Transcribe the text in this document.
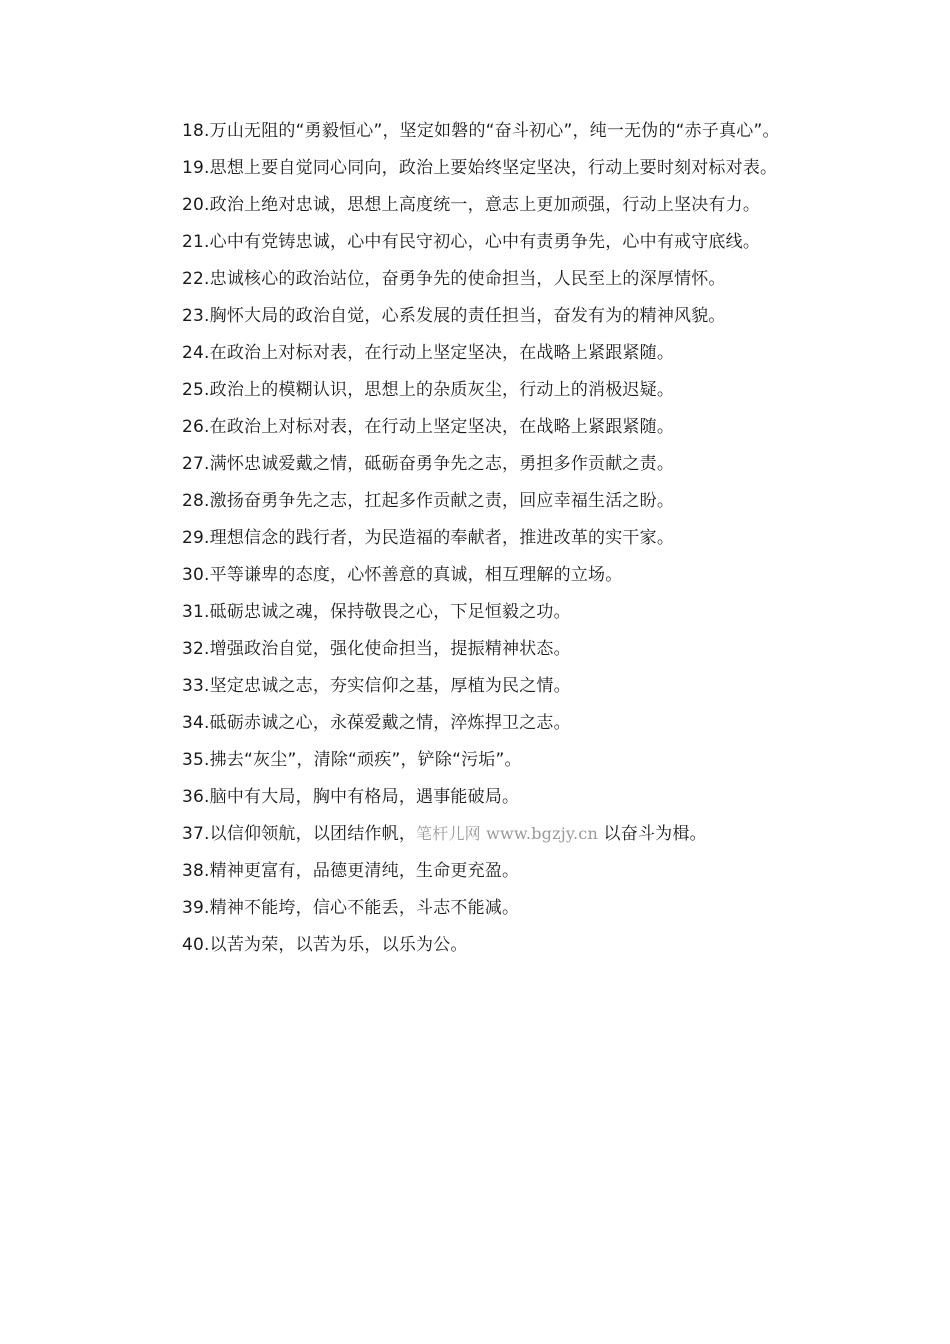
18.万山无阻的“勇毅恒心”，坚定如磐的“奋斗初心”，纯一无伪的“赤子真心”。

19.思想上要自觉同心同向，政治上要始终坚定坚决，行动上要时刻对标对表。

20.政治上绝对忠诚，思想上高度统一，意志上更加顽强，行动上坚决有力。

21.心中有党铸忠诚，心中有民守初心，心中有责勇争先，心中有戒守底线。

22.忠诚核心的政治站位，奋勇争先的使命担当，人民至上的深厚情怀。

23.胸怀大局的政治自觉，心系发展的责任担当，奋发有为的精神风貌。

24.在政治上对标对表，在行动上坚定坚决，在战略上紧跟紧随。

25.政治上的模糊认识，思想上的杂质灰尘，行动上的消极迟疑。

26.在政治上对标对表，在行动上坚定坚决，在战略上紧跟紧随。

27.满怀忠诚爱戴之情，砥砺奋勇争先之志，勇担多作贡献之责。

28.激扬奋勇争先之志，扛起多作贡献之责，回应幸福生活之盼。

29.理想信念的践行者，为民造福的奉献者，推进改革的实干家。

30.平等谦卑的态度，心怀善意的真诚，相互理解的立场。

31.砥砺忠诚之魂，保持敬畏之心，下足恒毅之功。

32.增强政治自觉，强化使命担当，提振精神状态。

33.坚定忠诚之志，夯实信仰之基，厚植为民之情。

34.砥砺赤诚之心，永葆爱戴之情，淬炼捍卫之志。

35.拂去“灰尘”，清除“顽疾”，铲除“污垢”。

36.脑中有大局，胸中有格局，遇事能破局。

37.以信仰领航，以团结作帆，笔杆儿网 www.bgzjy.cn 以奋斗为楫。

38.精神更富有，品德更清纯，生命更充盈。

39.精神不能垮，信心不能丢，斗志不能减。

40.以苦为荣，以苦为乐，以乐为公。
